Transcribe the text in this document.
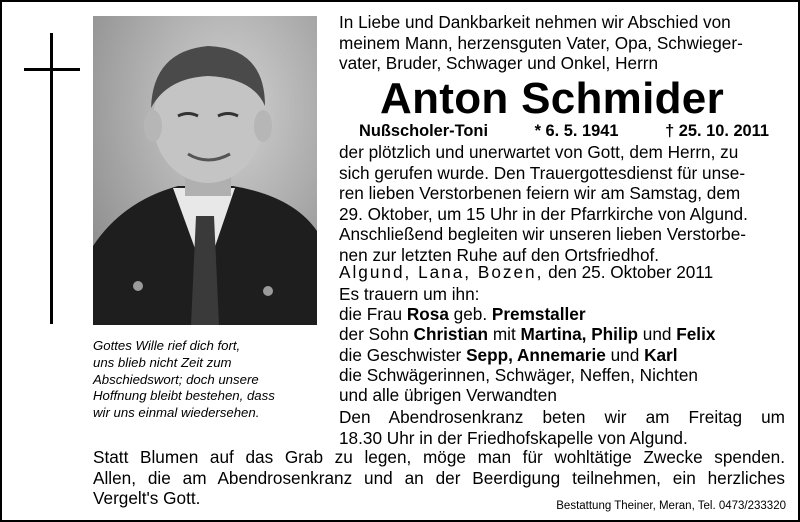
Gottes Wille rief dich fort,

uns blieb nicht Zeit zum

Abschiedswort; doch unsere

Hoffnung bleibt bestehen, dass

wir uns einmal wiedersehen.

In Liebe und Dankbarkeit nehmen wir Abschied von

meinem Mann, herzensguten Vater, Opa, Schwieger-

vater, Bruder, Schwager und Onkel, Herrn

Anton Schmider
Nußscholer-Toni	* 6. 5. 1941	† 25. 10. 2011

der plötzlich und unerwartet von Gott, dem Herrn, zu

sich gerufen wurde. Den Trauergottesdienst für unse-

ren lieben Verstorbenen feiern wir am Samstag, dem

29. Oktober, um 15 Uhr in der Pfarrkirche von Algund.

Anschließend begleiten wir unseren lieben Verstorbe-

nen zur letzten Ruhe auf den Ortsfriedhof.

Algund, Lana, Bozen, den 25. Oktober 2011
Es trauern um ihn:
die Frau Rosa geb. Premstaller
der Sohn Christian mit Martina, Philip und Felix
die Geschwister Sepp, Annemarie und Karl
die Schwägerinnen, Schwäger, Neffen, Nichten
und alle übrigen Verwandten

Den Abendrosenkranz beten wir am Freitag um

18.30 Uhr in der Friedhofskapelle von Algund.

Statt Blumen auf das Grab zu legen, möge man für wohltätige Zwecke spenden.
Allen, die am Abendrosenkranz und an der Beerdigung teilnehmen, ein herzliches
Vergelt's Gott.	Bestattung Theiner, Meran, Tel. 0473/233320
